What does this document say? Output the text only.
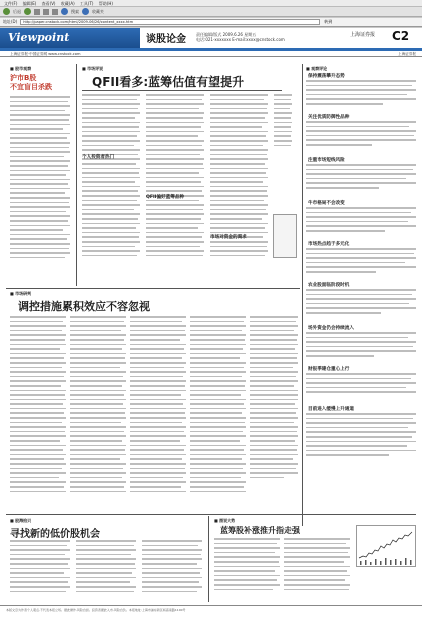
文件(F) 编辑(E) 查看(V) 收藏(A) 工具(T) 帮助(H)
后退	搜索	收藏夹
地址(D)	http://paper.cnstock.com/html/2009-06/26/content_xxxx.htm	转到
Viewpoint	谈股论金	责任编辑/版式 2009.6.26 星期五
电话:021-xxxxxxx E-mail:xxxx@cnstock.com
上海证券报 C2
上海证券报·中国证券网 www.cnstock.com	上海证券报
■ 股市观察
沪市B股
不宜盲目杀跌
■ 市场评说
QFII看多:蓝筹估值有望提升
个人投资者热门
QFII偏好蓝筹品种
市场对资金的渴求
■ 观察评论
保持震荡攀升态势
关注优质防御性品种
注重市场短线风险
牛市格局不会改变
市场热点趋于多元化
农业股面临阶段时机
场外资金仍会持续流入
财报季建仓重心上行
目前进入缓慢上升通道
■ 市场研判
调控措施累积效应不容忽视
■ 股海拾贝
寻找新的低价股机会
■ 图说大势
蓝筹股补涨推升指走强
本版文章为作者个人观点,不代表本报立场。据此操作,风险自担。投资者据此入市,风险自负。本报地址:上海市浦东新区杨高南路1100号
